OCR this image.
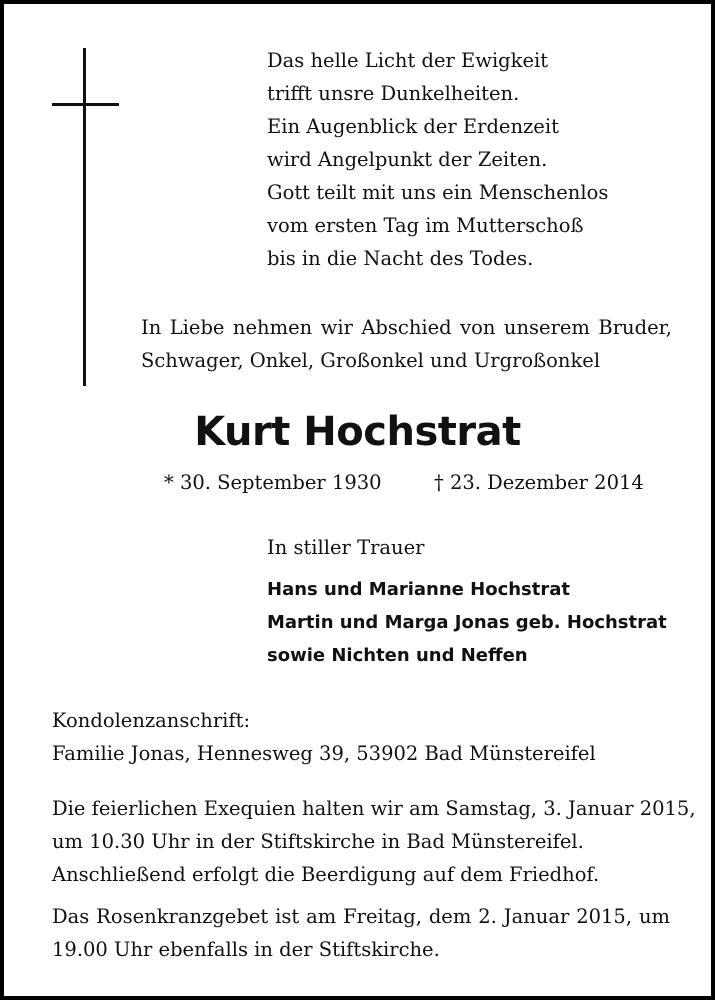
Das helle Licht der Ewigkeit
trifft unsre Dunkelheiten.
Ein Augenblick der Erdenzeit
wird Angelpunkt der Zeiten.
Gott teilt mit uns ein Menschenlos
vom ersten Tag im Mutterschoß
bis in die Nacht des Todes.

In Liebe nehmen wir Abschied von unserem Bruder,
Schwager, Onkel, Großonkel und Urgroßonkel

Kurt Hochstrat
* 30. September 1930	† 23. Dezember 2014
In stiller Trauer

Hans und Marianne Hochstrat
Martin und Marga Jonas geb. Hochstrat
sowie Nichten und Neffen

Kondolenzanschrift:
Familie Jonas, Hennesweg 39, 53902 Bad Münstereifel

Die feierlichen Exequien halten wir am Samstag, 3. Januar 2015,
um 10.30 Uhr in der Stiftskirche in Bad Münstereifel.
Anschließend erfolgt die Beerdigung auf dem Friedhof.

Das Rosenkranzgebet ist am Freitag, dem 2. Januar 2015, um
19.00 Uhr ebenfalls in der Stiftskirche.
